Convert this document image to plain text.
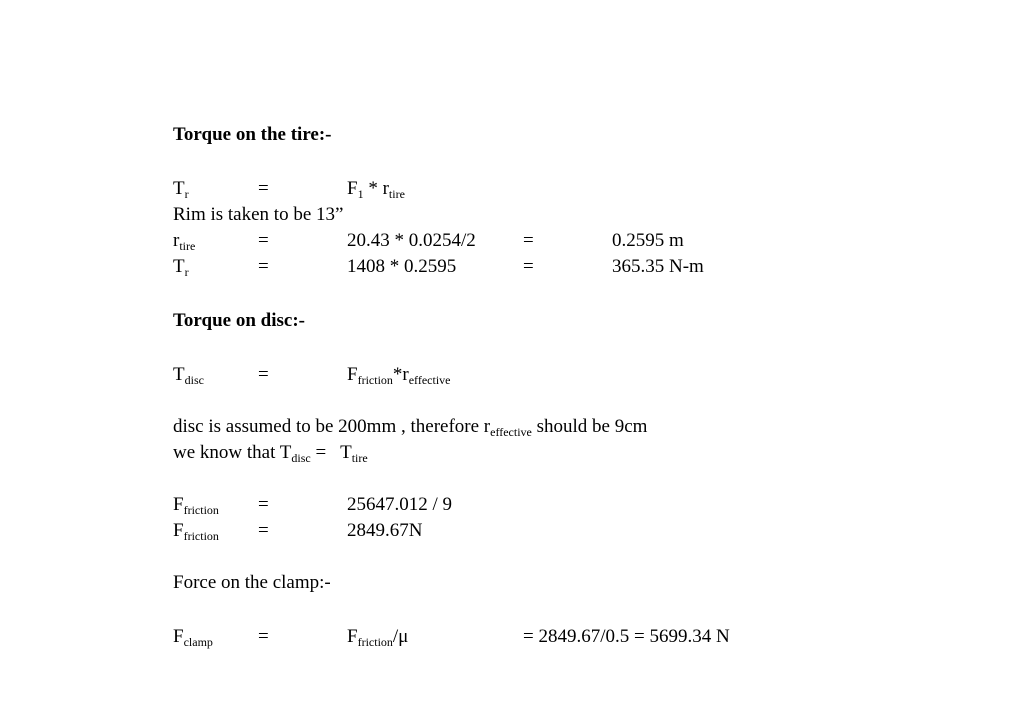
Torque on the tire:-
$T_r$	=	$F_1 * r_{tire}$
Rim is taken to be 13”
$r_{tire}$	=	20.43 * 0.0254/2 =	0.2595 m
$T_r$	=	1408 * 0.2595	=	365.35 N-m
Torque on disc:-
$T_{disc}$	=	$F_{friction}*r_{effective}$
disc is assumed to be 200mm , therefore $r_{effective}$ should be 9cm
we know that $T_{disc} = T_{tire}$
$F_{friction}$ =	25647.012 / 9
$F_{friction}$ =	2849.67N
Force on the clamp:-
$F_{clamp}$ =	$F_{friction}/\mu$	= 2849.67/0.5 = 5699.34 N
